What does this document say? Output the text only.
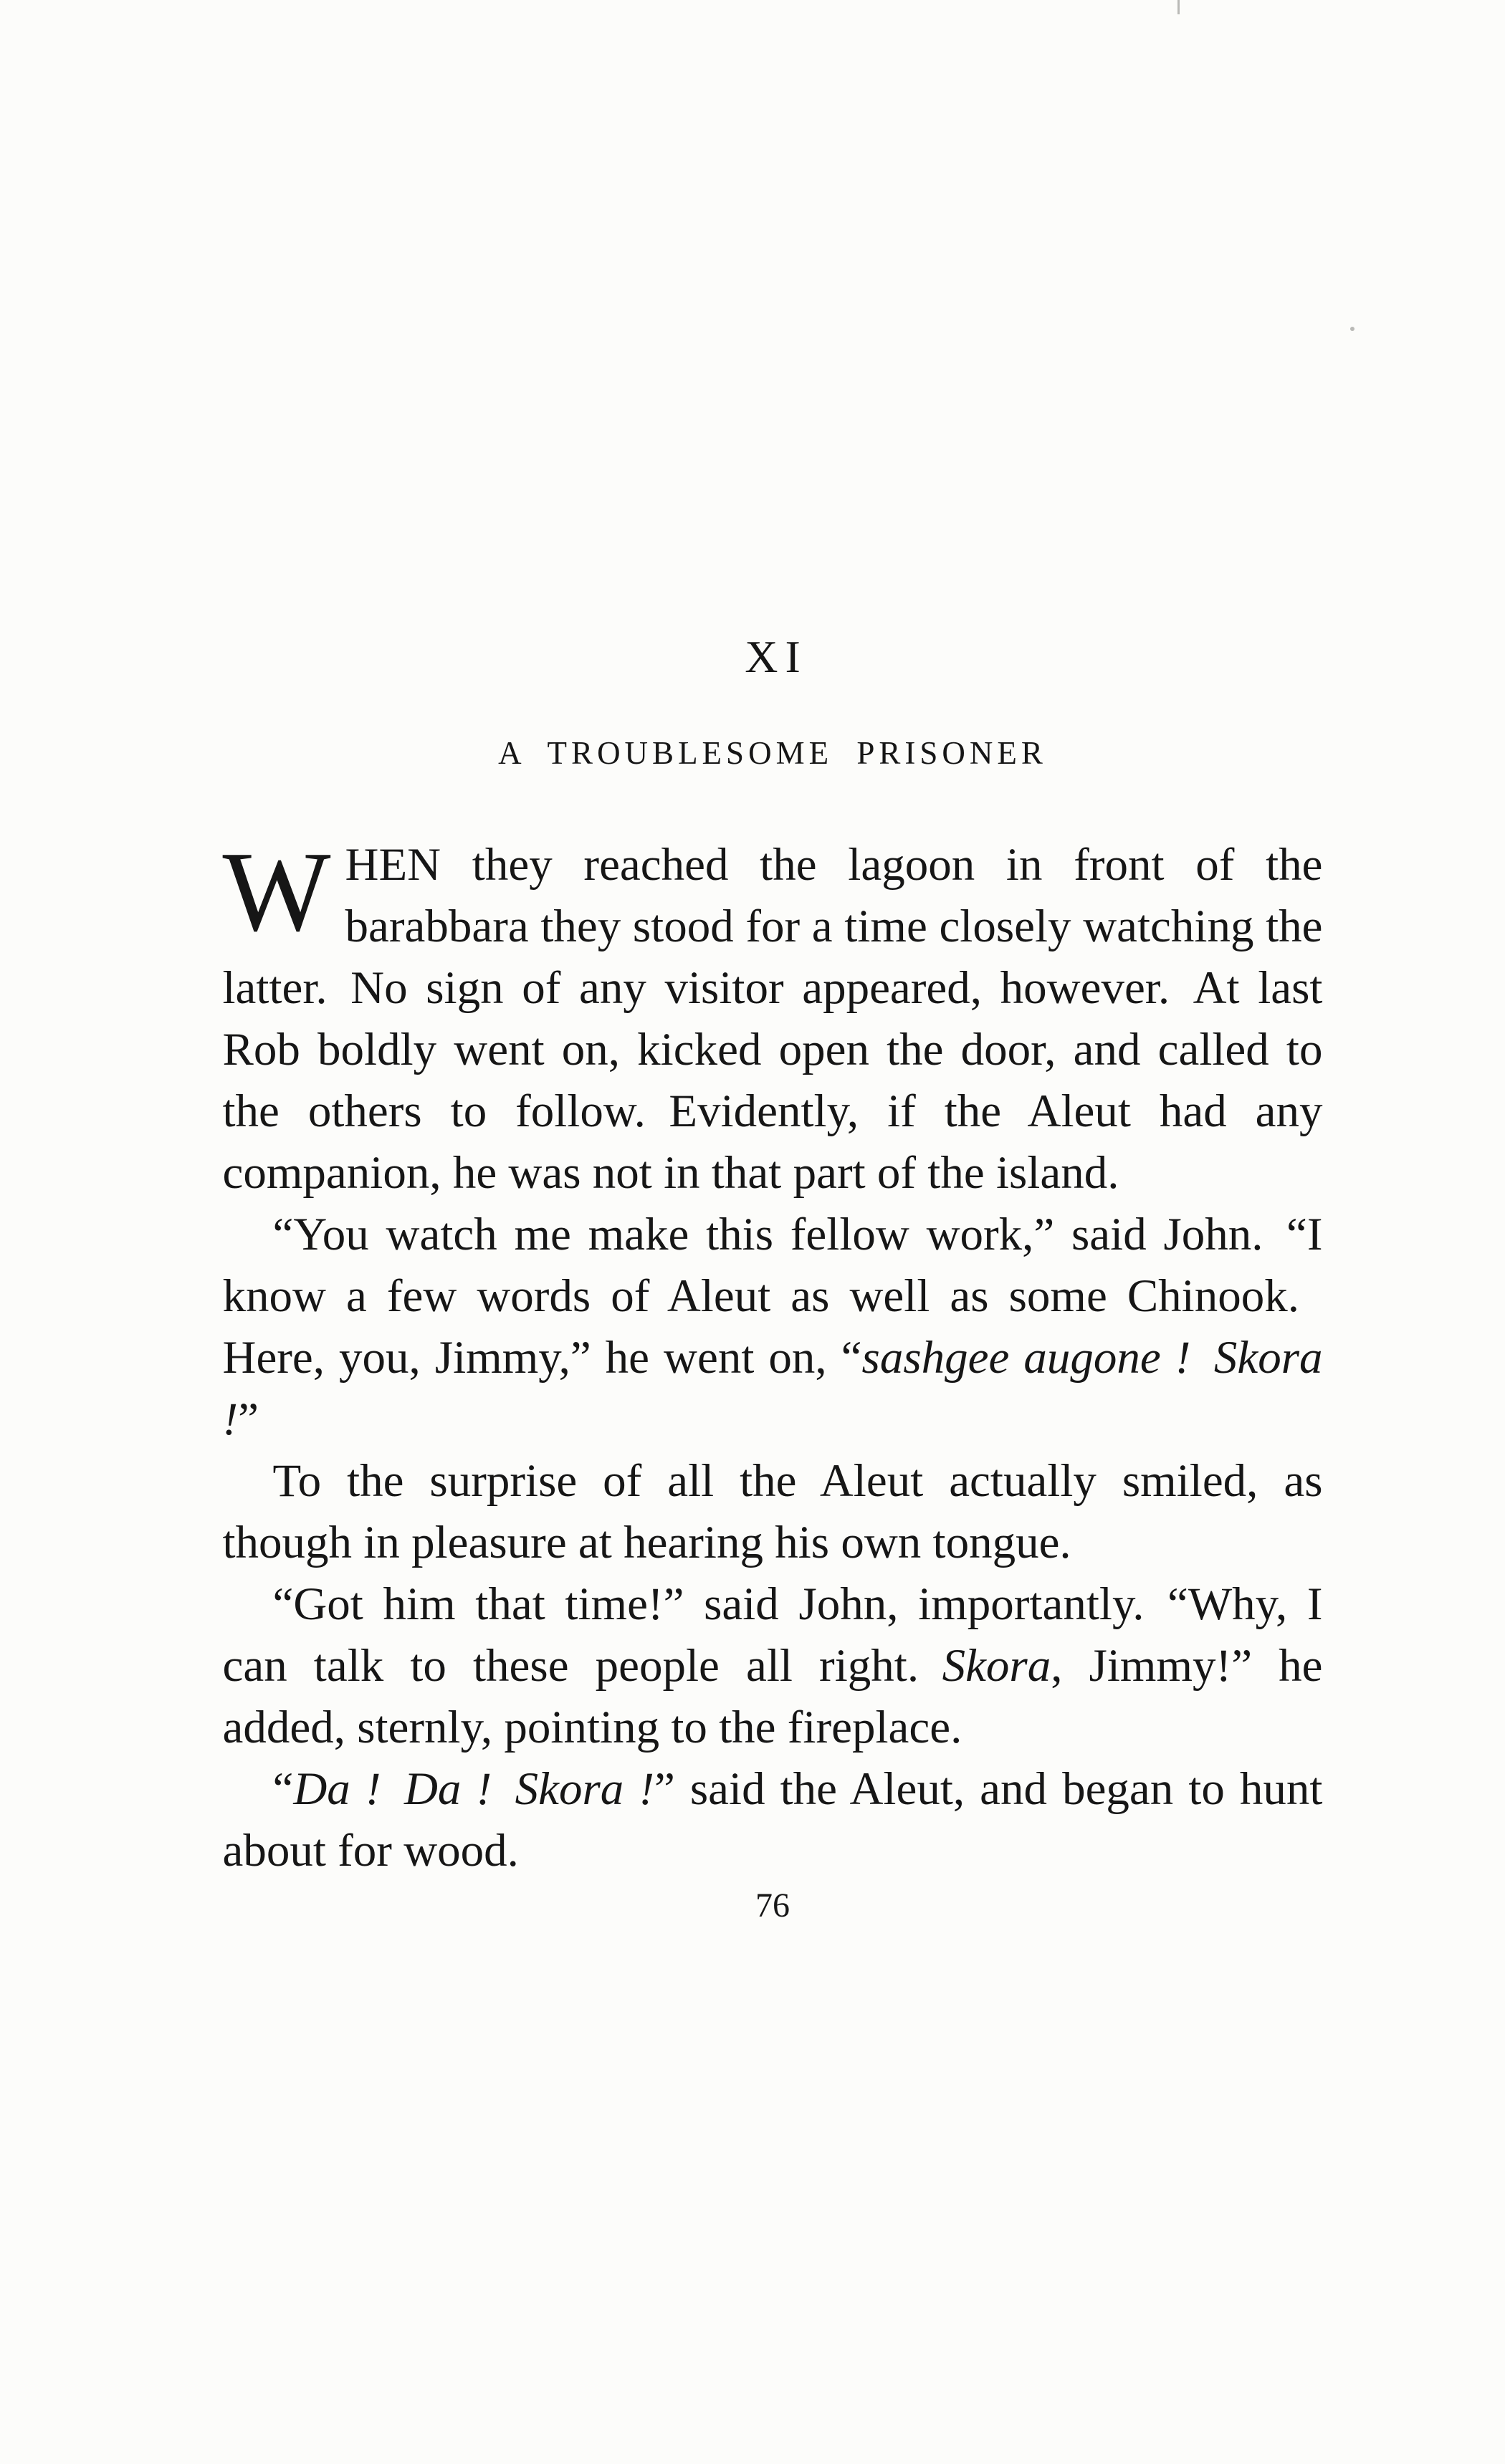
XI
A TROUBLESOME PRISONER

WHEN they reached the lagoon in front of the barabbara they stood for a time closely watching the latter. No sign of any visitor appeared, however. At last Rob boldly went on, kicked open the door, and called to the others to follow. Evidently, if the Aleut had any companion, he was not in that part of the island.

“You watch me make this fellow work,” said John. “I know a few words of Aleut as well as some Chinook. Here, you, Jimmy,” he went on, “sashgee augone ! Skora !”

To the surprise of all the Aleut actually smiled, as though in pleasure at hearing his own tongue.

“Got him that time!” said John, importantly. “Why, I can talk to these people all right. Skora, Jimmy!” he added, sternly, pointing to the fireplace.

“Da ! Da ! Skora !” said the Aleut, and began to hunt about for wood.

76
